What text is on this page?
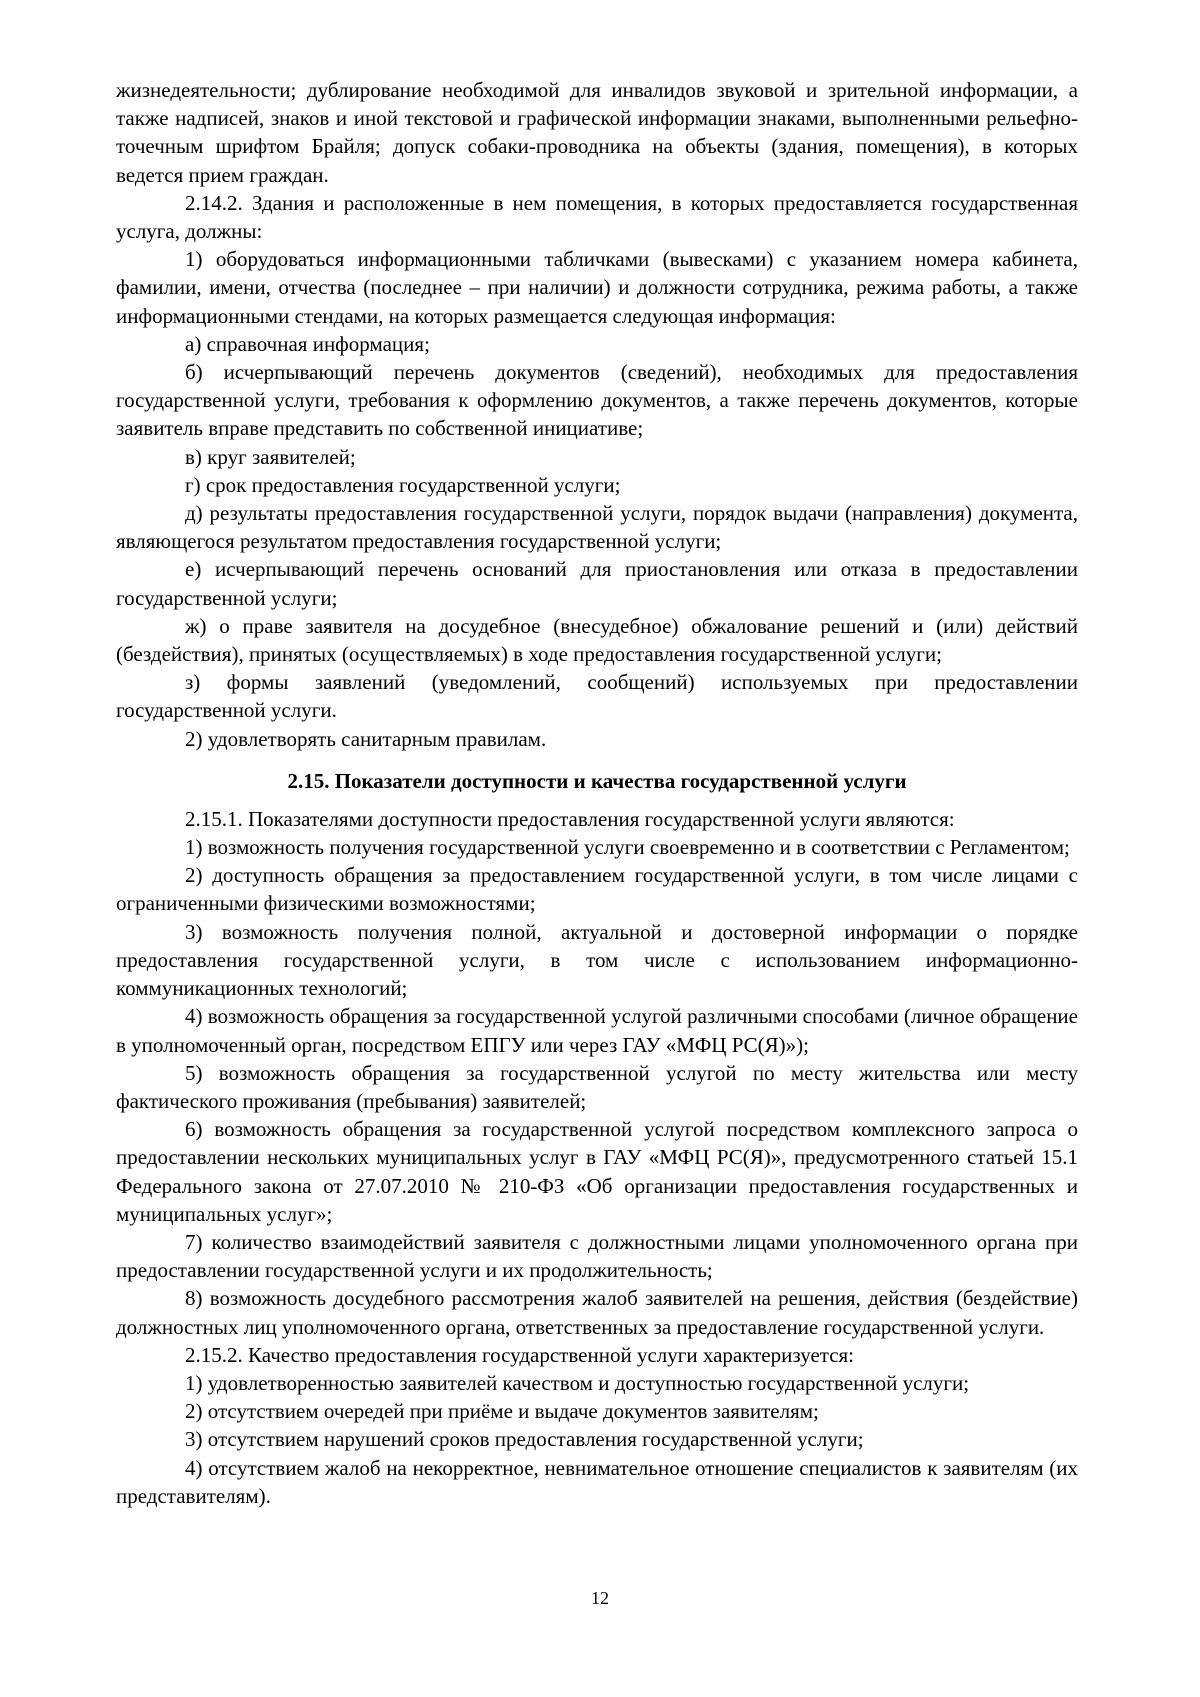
жизнедеятельности; дублирование необходимой для инвалидов звуковой и зрительной информации, а также надписей, знаков и иной текстовой и графической информации знаками, выполненными рельефно-точечным шрифтом Брайля; допуск собаки-проводника на объекты (здания, помещения), в которых ведется прием граждан.

2.14.2. Здания и расположенные в нем помещения, в которых предоставляется государственная услуга, должны:

1) оборудоваться информационными табличками (вывесками) с указанием номера кабинета, фамилии, имени, отчества (последнее – при наличии) и должности сотрудника, режима работы, а также информационными стендами, на которых размещается следующая информация:

а) справочная информация;

б) исчерпывающий перечень документов (сведений), необходимых для предоставления государственной услуги, требования к оформлению документов, а также перечень документов, которые заявитель вправе представить по собственной инициативе;

в) круг заявителей;

г) срок предоставления государственной услуги;

д) результаты предоставления государственной услуги, порядок выдачи (направления) документа, являющегося результатом предоставления государственной услуги;

е) исчерпывающий перечень оснований для приостановления или отказа в предоставлении государственной услуги;

ж) о праве заявителя на досудебное (внесудебное) обжалование решений и (или) действий (бездействия), принятых (осуществляемых) в ходе предоставления государственной услуги;

з) формы заявлений (уведомлений, сообщений) используемых при предоставлении государственной услуги.

2) удовлетворять санитарным правилам.

2.15. Показатели доступности и качества государственной услуги

2.15.1. Показателями доступности предоставления государственной услуги являются:

1) возможность получения государственной услуги своевременно и в соответствии с Регламентом;

2) доступность обращения за предоставлением государственной услуги, в том числе лицами с ограниченными физическими возможностями;

3) возможность получения полной, актуальной и достоверной информации о порядке предоставления государственной услуги, в том числе с использованием информационно-коммуникационных технологий;

4) возможность обращения за государственной услугой различными способами (личное обращение в уполномоченный орган, посредством ЕПГУ или через ГАУ «МФЦ РС(Я)»);

5) возможность обращения за государственной услугой по месту жительства или месту фактического проживания (пребывания) заявителей;

6) возможность обращения за государственной услугой посредством комплексного запроса о предоставлении нескольких муниципальных услуг в ГАУ «МФЦ РС(Я)», предусмотренного статьей 15.1 Федерального закона от 27.07.2010 № 210-ФЗ «Об организации предоставления государственных и муниципальных услуг»;

7) количество взаимодействий заявителя с должностными лицами уполномоченного органа при предоставлении государственной услуги и их продолжительность;

8) возможность досудебного рассмотрения жалоб заявителей на решения, действия (бездействие) должностных лиц уполномоченного органа, ответственных за предоставление государственной услуги.

2.15.2. Качество предоставления государственной услуги характеризуется:

1) удовлетворенностью заявителей качеством и доступностью государственной услуги;

2) отсутствием очередей при приёме и выдаче документов заявителям;

3) отсутствием нарушений сроков предоставления государственной услуги;

4) отсутствием жалоб на некорректное, невнимательное отношение специалистов к заявителям (их представителям).

12
